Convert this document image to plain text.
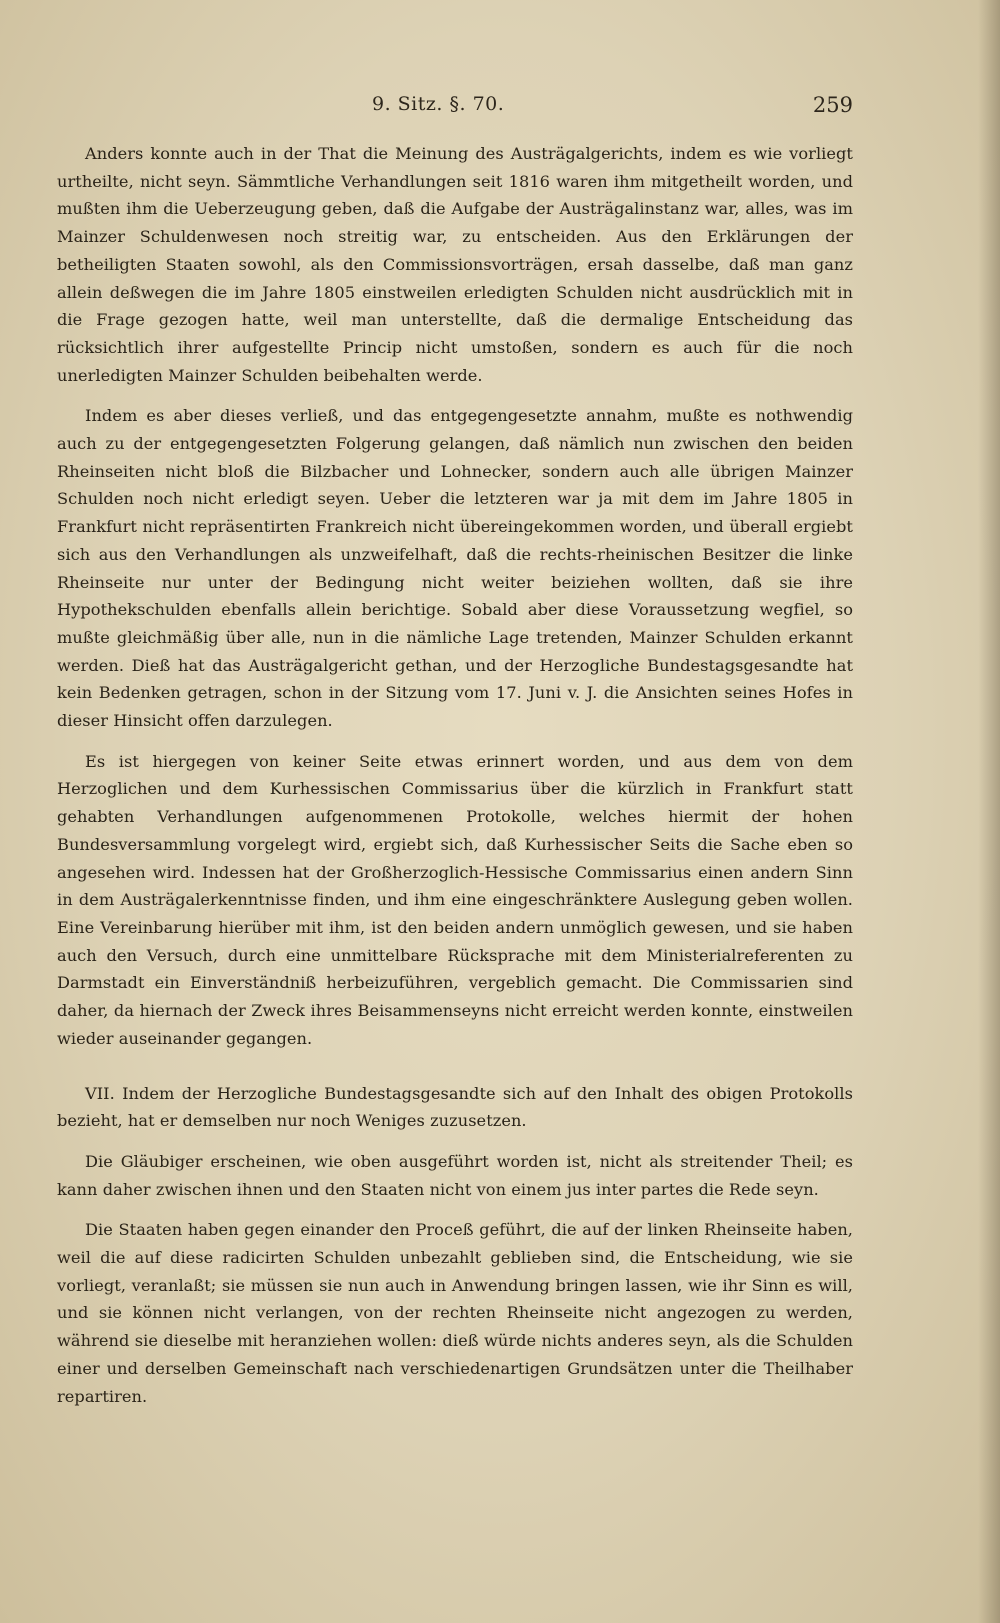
9. Sitz. §. 70.	259

Anders konnte auch in der That die Meinung des Austrägalgerichts, indem es wie vorliegt urtheilte, nicht seyn. Sämmtliche Verhandlungen seit 1816 waren ihm mitgetheilt worden, und mußten ihm die Ueberzeugung geben, daß die Aufgabe der Austrägalinstanz war, alles, was im Mainzer Schuldenwesen noch streitig war, zu entscheiden. Aus den Erklärungen der betheiligten Staaten sowohl, als den Commissionsvorträgen, ersah dasselbe, daß man ganz allein deßwegen die im Jahre 1805 einstweilen erledigten Schulden nicht ausdrücklich mit in die Frage gezogen hatte, weil man unterstellte, daß die dermalige Entscheidung das rücksichtlich ihrer aufgestellte Princip nicht umstoßen, sondern es auch für die noch unerledigten Mainzer Schulden beibehalten werde.

Indem es aber dieses verließ, und das entgegengesetzte annahm, mußte es nothwendig auch zu der entgegengesetzten Folgerung gelangen, daß nämlich nun zwischen den beiden Rheinseiten nicht bloß die Bilzbacher und Lohnecker, sondern auch alle übrigen Mainzer Schulden noch nicht erledigt seyen. Ueber die letzteren war ja mit dem im Jahre 1805 in Frankfurt nicht repräsentirten Frankreich nicht übereingekommen worden, und überall ergiebt sich aus den Verhandlungen als unzweifelhaft, daß die rechts-rheinischen Besitzer die linke Rheinseite nur unter der Bedingung nicht weiter beiziehen wollten, daß sie ihre Hypothekschulden ebenfalls allein berichtige. Sobald aber diese Voraussetzung wegfiel, so mußte gleichmäßig über alle, nun in die nämliche Lage tretenden, Mainzer Schulden erkannt werden. Dieß hat das Austrägalgericht gethan, und der Herzogliche Bundestagsgesandte hat kein Bedenken getragen, schon in der Sitzung vom 17. Juni v. J. die Ansichten seines Hofes in dieser Hinsicht offen darzulegen.

Es ist hiergegen von keiner Seite etwas erinnert worden, und aus dem von dem Herzoglichen und dem Kurhessischen Commissarius über die kürzlich in Frankfurt statt gehabten Verhandlungen aufgenommenen Protokolle, welches hiermit der hohen Bundesversammlung vorgelegt wird, ergiebt sich, daß Kurhessischer Seits die Sache eben so angesehen wird. Indessen hat der Großherzoglich-Hessische Commissarius einen andern Sinn in dem Austrägalerkenntnisse finden, und ihm eine eingeschränktere Auslegung geben wollen. Eine Vereinbarung hierüber mit ihm, ist den beiden andern unmöglich gewesen, und sie haben auch den Versuch, durch eine unmittelbare Rücksprache mit dem Ministerialreferenten zu Darmstadt ein Einverständniß herbeizuführen, vergeblich gemacht. Die Commissarien sind daher, da hiernach der Zweck ihres Beisammenseyns nicht erreicht werden konnte, einstweilen wieder auseinander gegangen.

VII. Indem der Herzogliche Bundestagsgesandte sich auf den Inhalt des obigen Protokolls bezieht, hat er demselben nur noch Weniges zuzusetzen.

Die Gläubiger erscheinen, wie oben ausgeführt worden ist, nicht als streitender Theil; es kann daher zwischen ihnen und den Staaten nicht von einem jus inter partes die Rede seyn.

Die Staaten haben gegen einander den Proceß geführt, die auf der linken Rheinseite haben, weil die auf diese radicirten Schulden unbezahlt geblieben sind, die Entscheidung, wie sie vorliegt, veranlaßt; sie müssen sie nun auch in Anwendung bringen lassen, wie ihr Sinn es will, und sie können nicht verlangen, von der rechten Rheinseite nicht angezogen zu werden, während sie dieselbe mit heranziehen wollen: dieß würde nichts anderes seyn, als die Schulden einer und derselben Gemeinschaft nach verschiedenartigen Grundsätzen unter die Theilhaber repartiren.
